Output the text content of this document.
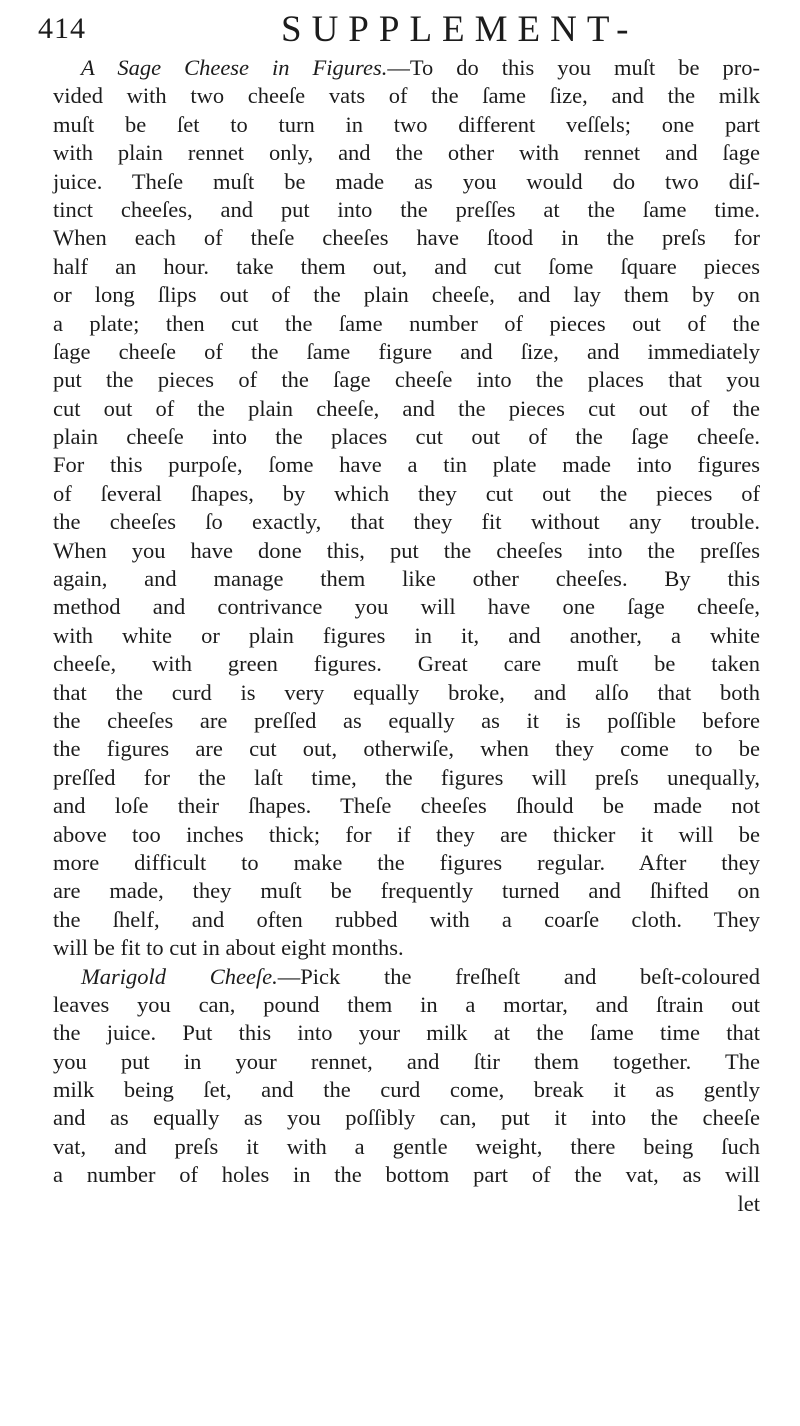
414	SUPPLEMENT-
A Sage Cheese in Figures.—To do this you muſt be pro-
vided with two cheeſe vats of the ſame ſize, and the milk
muſt be ſet to turn in two different veſſels; one part
with plain rennet only, and the other with rennet and ſage
juice. Theſe muſt be made as you would do two diſ-
tinct cheeſes, and put into the preſſes at the ſame time.
When each of theſe cheeſes have ſtood in the preſs for
half an hour. take them out, and cut ſome ſquare pieces
or long ſlips out of the plain cheeſe, and lay them by on
a plate; then cut the ſame number of pieces out of the
ſage cheeſe of the ſame figure and ſize, and immediately
put the pieces of the ſage cheeſe into the places that you
cut out of the plain cheeſe, and the pieces cut out of the
plain cheeſe into the places cut out of the ſage cheeſe.
For this purpoſe, ſome have a tin plate made into figures
of ſeveral ſhapes, by which they cut out the pieces of
the cheeſes ſo exactly, that they fit without any trouble.
When you have done this, put the cheeſes into the preſſes
again, and manage them like other cheeſes. By this
method and contrivance you will have one ſage cheeſe,
with white or plain figures in it, and another, a white
cheeſe, with green figures. Great care muſt be taken
that the curd is very equally broke, and alſo that both
the cheeſes are preſſed as equally as it is poſſible before
the figures are cut out, otherwiſe, when they come to be
preſſed for the laſt time, the figures will preſs unequally,
and loſe their ſhapes. Theſe cheeſes ſhould be made not
above too inches thick; for if they are thicker it will be
more difficult to make the figures regular. After they
are made, they muſt be frequently turned and ſhifted on
the ſhelf, and often rubbed with a coarſe cloth. They
will be fit to cut in about eight months.
Marigold Cheeſe.—Pick the freſheſt and beſt-coloured
leaves you can, pound them in a mortar, and ſtrain out
the juice. Put this into your milk at the ſame time that
you put in your rennet, and ſtir them together. The
milk being ſet, and the curd come, break it as gently
and as equally as you poſſibly can, put it into the cheeſe
vat, and preſs it with a gentle weight, there being ſuch
a number of holes in the bottom part of the vat, as will
let
